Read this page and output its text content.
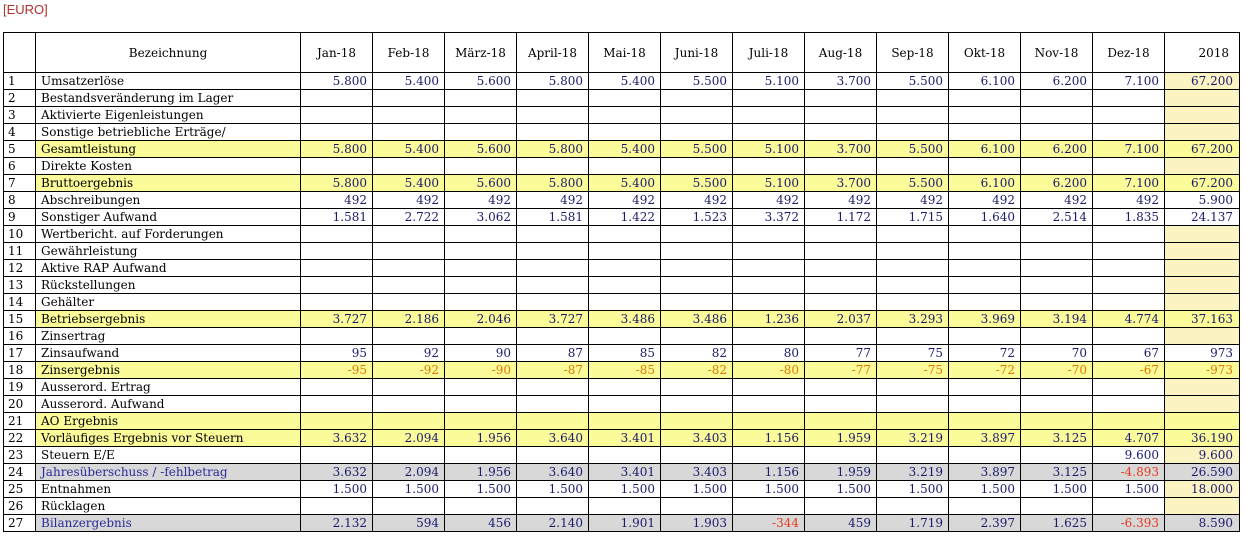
[EURO]
	Bezeichnung	Jan-18	Feb-18	März-18	April-18	Mai-18	Juni-18	Juli-18	Aug-18	Sep-18	Okt-18	Nov-18	Dez-18	2018
1	Umsatzerlöse	5.800	5.400	5.600	5.800	5.400	5.500	5.100	3.700	5.500	6.100	6.200	7.100	67.200
2	Bestandsveränderung im Lager													
3	Aktivierte Eigenleistungen													
4	Sonstige betriebliche Erträge/													
5	Gesamtleistung	5.800	5.400	5.600	5.800	5.400	5.500	5.100	3.700	5.500	6.100	6.200	7.100	67.200
6	Direkte Kosten													
7	Bruttoergebnis	5.800	5.400	5.600	5.800	5.400	5.500	5.100	3.700	5.500	6.100	6.200	7.100	67.200
8	Abschreibungen	492	492	492	492	492	492	492	492	492	492	492	492	5.900
9	Sonstiger Aufwand	1.581	2.722	3.062	1.581	1.422	1.523	3.372	1.172	1.715	1.640	2.514	1.835	24.137
10	Wertbericht. auf Forderungen													
11	Gewährleistung													
12	Aktive RAP Aufwand													
13	Rückstellungen													
14	Gehälter													
15	Betriebsergebnis	3.727	2.186	2.046	3.727	3.486	3.486	1.236	2.037	3.293	3.969	3.194	4.774	37.163
16	Zinsertrag													
17	Zinsaufwand	95	92	90	87	85	82	80	77	75	72	70	67	973
18	Zinsergebnis	-95	-92	-90	-87	-85	-82	-80	-77	-75	-72	-70	-67	-973
19	Ausserord. Ertrag													
20	Ausserord. Aufwand													
21	AO Ergebnis													
22	Vorläufiges Ergebnis vor Steuern	3.632	2.094	1.956	3.640	3.401	3.403	1.156	1.959	3.219	3.897	3.125	4.707	36.190
23	Steuern E/E												9.600	9.600
24	Jahresüberschuss / -fehlbetrag	3.632	2.094	1.956	3.640	3.401	3.403	1.156	1.959	3.219	3.897	3.125	-4.893	26.590
25	Entnahmen	1.500	1.500	1.500	1.500	1.500	1.500	1.500	1.500	1.500	1.500	1.500	1.500	18.000
26	Rücklagen													
27	Bilanzergebnis	2.132	594	456	2.140	1.901	1.903	-344	459	1.719	2.397	1.625	-6.393	8.590
